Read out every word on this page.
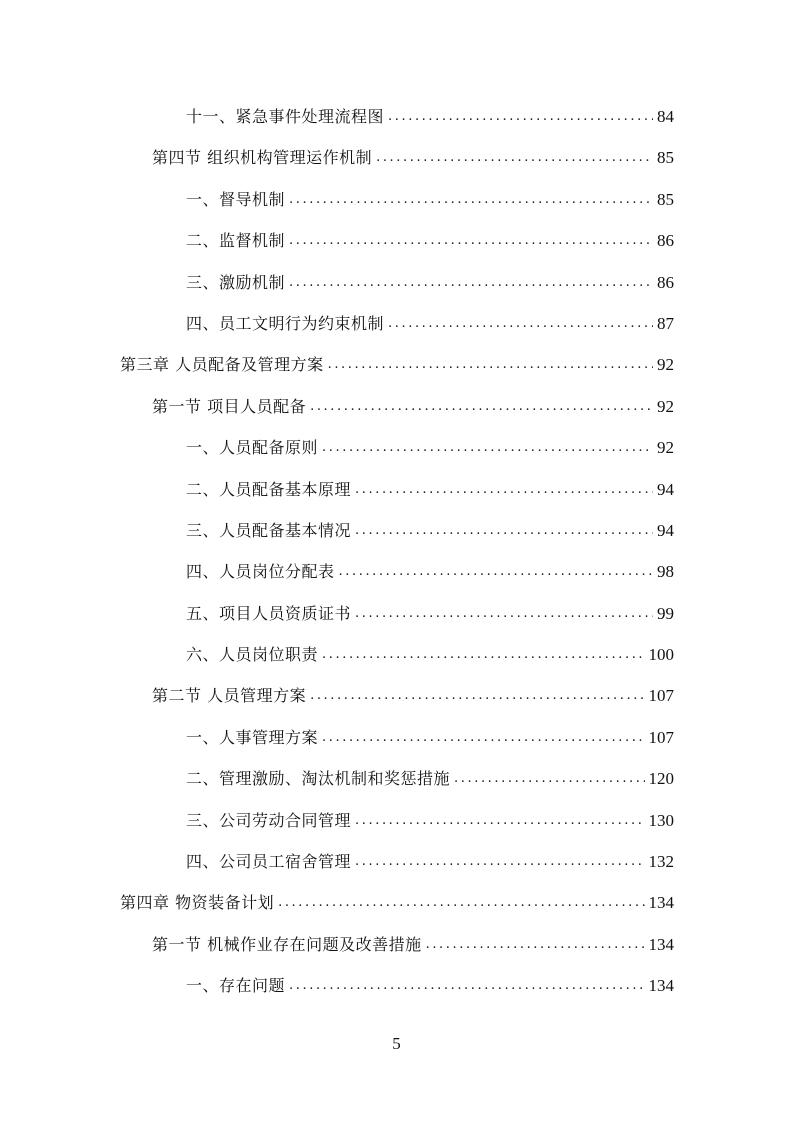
十一、紧急事件处理流程图 .....	84
第四节 组织机构管理运作机制 .....	85
一、督导机制 .....	85
二、监督机制 .....	86
三、激励机制 .....	86
四、员工文明行为约束机制 .....	87
第三章 人员配备及管理方案 .....	92
第一节 项目人员配备 .....	92
一、人员配备原则 .....	92
二、人员配备基本原理 .....	94
三、人员配备基本情况 .....	94
四、人员岗位分配表 .....	98
五、项目人员资质证书 .....	99
六、人员岗位职责 .....	100
第二节 人员管理方案 .....	107
一、人事管理方案 .....	107
二、管理激励、淘汰机制和奖惩措施 .....	120
三、公司劳动合同管理 .....	130
四、公司员工宿舍管理 .....	132
第四章 物资装备计划 .....	134
第一节 机械作业存在问题及改善措施 .....	134
一、存在问题 .....	134
5
